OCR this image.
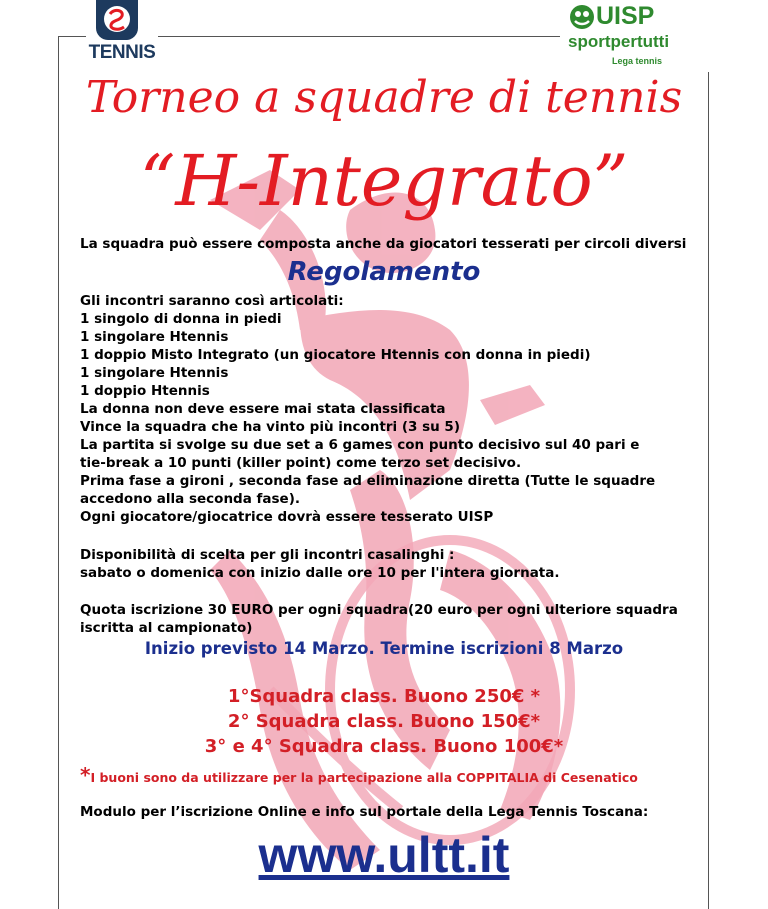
TENNIS
UISP
sportpertutti
Lega tennis
Torneo a squadre di tennis
“H-Integrato”
La squadra può essere composta anche da giocatori tesserati per circoli diversi
Regolamento
Gli incontri saranno così articolati:
1 singolo di donna in piedi
1 singolare Htennis
1 doppio Misto Integrato (un giocatore Htennis con donna in piedi)
1 singolare Htennis
1 doppio Htennis
La donna non deve essere mai stata classificata
Vince la squadra che ha vinto più incontri (3 su 5)
La partita si svolge su due set a 6 games con punto decisivo sul 40 pari e
tie-break a 10 punti (killer point) come terzo set decisivo.
Prima fase a gironi , seconda fase ad eliminazione diretta (Tutte le squadre
accedono alla seconda fase).
Ogni giocatore/giocatrice dovrà essere tesserato UISP
Disponibilità di scelta per gli incontri casalinghi :
sabato o domenica con inizio dalle ore 10 per l'intera giornata.
Quota iscrizione 30 EURO per ogni squadra(20 euro per ogni ulteriore squadra
iscritta al campionato)
Inizio previsto 14 Marzo. Termine iscrizioni 8 Marzo
1°Squadra class. Buono 250€ *
2° Squadra class. Buono 150€*
3° e 4° Squadra class. Buono 100€*
*I buoni sono da utilizzare per la partecipazione alla COPPITALIA di Cesenatico
Modulo per l’iscrizione Online e info sul portale della Lega Tennis Toscana:
www.ultt.it
